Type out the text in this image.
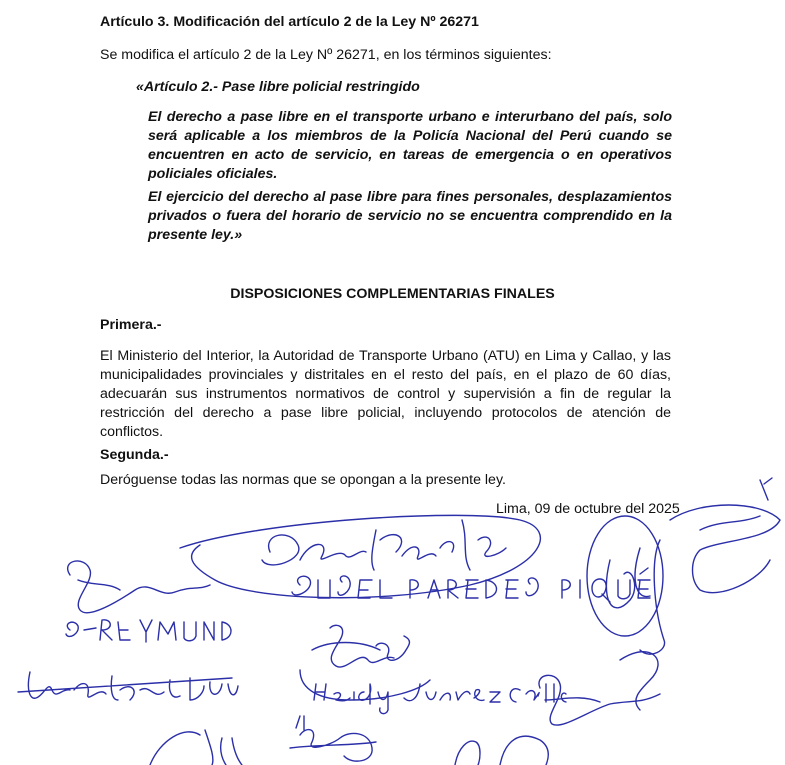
Artículo 3. Modificación del artículo 2 de la Ley Nº 26271

Se modifica el artículo 2 de la Ley Nº 26271, en los términos siguientes:

«Artículo 2.- Pase libre policial restringido

El derecho a pase libre en el transporte urbano e interurbano del país, solo será aplicable a los miembros de la Policía Nacional del Perú cuando se encuentren en acto de servicio, en tareas de emergencia o en operativos policiales oficiales.

El ejercicio del derecho al pase libre para fines personales, desplazamientos privados o fuera del horario de servicio no se encuentra comprendido en la presente ley.»

DISPOSICIONES COMPLEMENTARIAS FINALES

Primera.-

El Ministerio del Interior, la Autoridad de Transporte Urbano (ATU) en Lima y Callao, y las municipalidades provinciales y distritales en el resto del país, en el plazo de 60 días, adecuarán sus instrumentos normativos de control y supervisión a fin de regular la restricción del derecho a pase libre policial, incluyendo protocolos de atención de conflictos.

Segunda.-

Deróguense todas las normas que se opongan a la presente ley.

Lima, 09 de octubre del 2025
